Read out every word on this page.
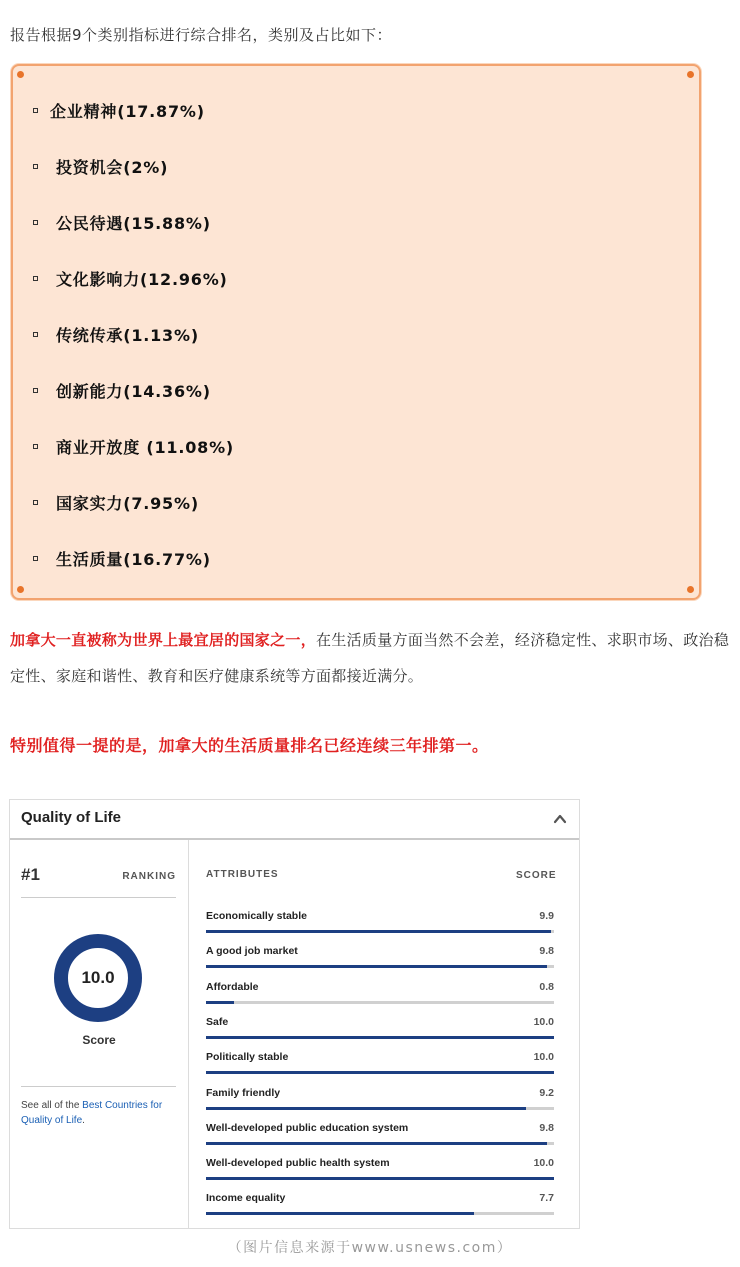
报告根据9个类别指标进行综合排名，类别及占比如下：
企业精神(17.87%)
投资机会(2%)
公民待遇(15.88%)
文化影响力(12.96%)
传统传承(1.13%)
创新能力(14.36%)
商业开放度 (11.08%)
国家实力(7.95%)
生活质量(16.77%)
加拿大一直被称为世界上最宜居的国家之一，在生活质量方面当然不会差，经济稳定性、求职市场、政治稳定性、家庭和谐性、教育和医疗健康系统等方面都接近满分。
特别值得一提的是，加拿大的生活质量排名已经连续三年排第一。
Quality of Life
#1	RANKING
10.0
Score
See all of the Best Countries for Quality of Life.
ATTRIBUTES	SCORE
Economically stable	9.9
A good job market	9.8
Affordable	0.8
Safe	10.0
Politically stable	10.0
Family friendly	9.2
Well-developed public education system	9.8
Well-developed public health system	10.0
Income equality	7.7
（图片信息来源于www.usnews.com）
